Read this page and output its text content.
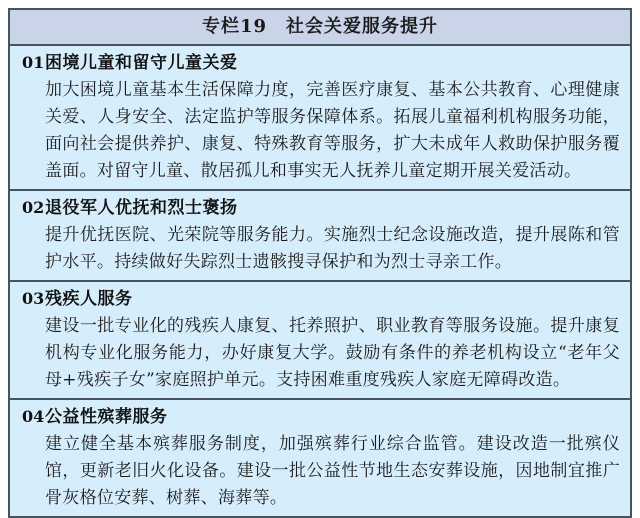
专栏19　社会关爱服务提升
01 困境儿童和留守儿童关爱

加大困境儿童基本生活保障力度，完善医疗康复、基本公共教育、心理健康关爱、人身安全、法定监护等服务保障体系。拓展儿童福利机构服务功能，面向社会提供养护、康复、特殊教育等服务，扩大未成年人救助保护服务覆盖面。对留守儿童、散居孤儿和事实无人抚养儿童定期开展关爱活动。

02 退役军人优抚和烈士褒扬

提升优抚医院、光荣院等服务能力。实施烈士纪念设施改造，提升展陈和管护水平。持续做好失踪烈士遗骸搜寻保护和为烈士寻亲工作。

03 残疾人服务

建设一批专业化的残疾人康复、托养照护、职业教育等服务设施。提升康复机构专业化服务能力，办好康复大学。鼓励有条件的养老机构设立“老年父母+残疾子女”家庭照护单元。支持困难重度残疾人家庭无障碍改造。

04 公益性殡葬服务

建立健全基本殡葬服务制度，加强殡葬行业综合监管。建设改造一批殡仪馆，更新老旧火化设备。建设一批公益性节地生态安葬设施，因地制宜推广骨灰格位安葬、树葬、海葬等。
